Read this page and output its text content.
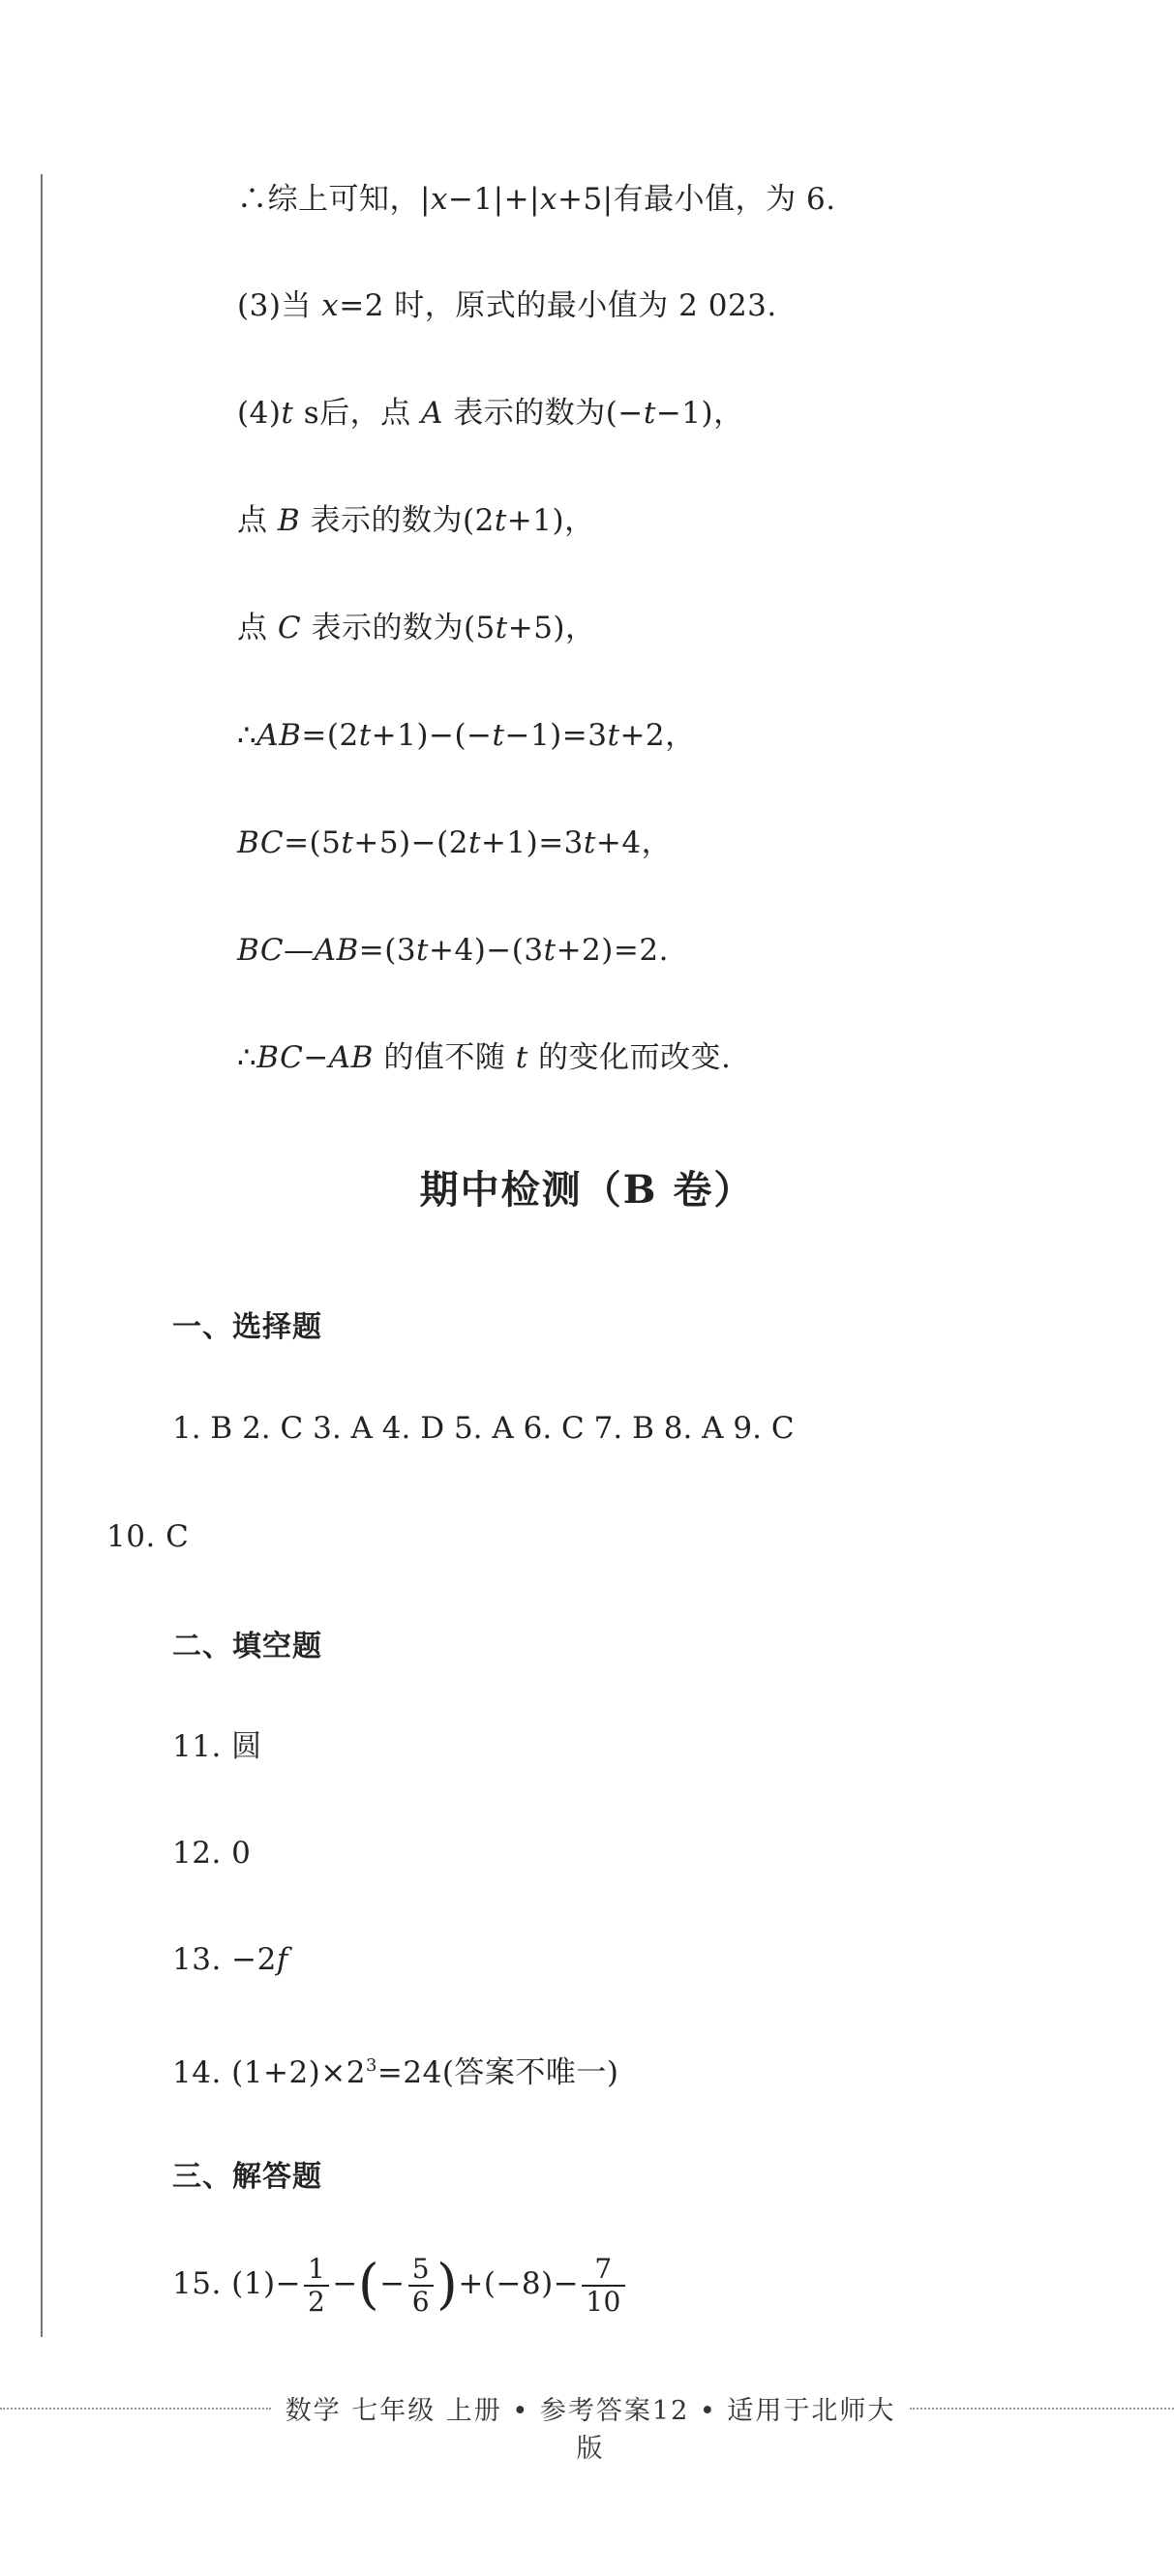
∴综上可知，|x−1|+|x+5|有最小值，为 6.
(3)当 x=2 时，原式的最小值为 2 023.
(4)t s后，点 A 表示的数为(−t−1)，
点 B 表示的数为(2t+1)，
点 C 表示的数为(5t+5)，
∴AB=(2t+1)−(−t−1)=3t+2，
BC=(5t+5)−(2t+1)=3t+4，
BC—AB=(3t+4)−(3t+2)=2.
∴BC−AB 的值不随 t 的变化而改变.
期中检测（B 卷）
一、选择题
1. B 2. C 3. A 4. D 5. A 6. C 7. B 8. A 9. C
10. C
二、填空题
11. 圆
12. 0
13. −2f
14. $(1+2)\times 2^3=24$(答案不唯一)
三、解答题
15. $(1)- \frac{1}{2}$ −(− $\frac{5}{6} )+(-8)- \frac{7}{10}$
数学 七年级 上册 • 参考答案12 • 适用于北师大版
